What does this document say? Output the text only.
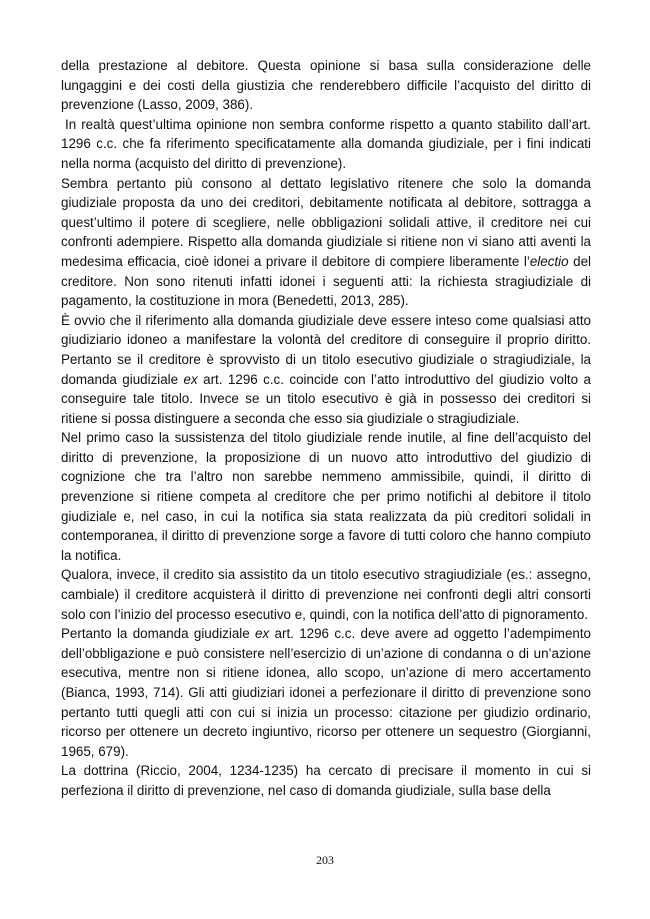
della prestazione al debitore. Questa opinione si basa sulla considerazione delle lungaggini e dei costi della giustizia che renderebbero difficile l’acquisto del diritto di prevenzione (Lasso, 2009, 386).

In realtà quest’ultima opinione non sembra conforme rispetto a quanto stabilito dall’art. 1296 c.c. che fa riferimento specificatamente alla domanda giudiziale, per i fini indicati nella norma (acquisto del diritto di prevenzione).

Sembra pertanto più consono al dettato legislativo ritenere che solo la domanda giudiziale proposta da uno dei creditori, debitamente notificata al debitore, sottragga a quest’ultimo il potere di scegliere, nelle obbligazioni solidali attive, il creditore nei cui confronti adempiere. Rispetto alla domanda giudiziale si ritiene non vi siano atti aventi la medesima efficacia, cioè idonei a privare il debitore di compiere liberamente l’electio del creditore. Non sono ritenuti infatti idonei i seguenti atti: la richiesta stragiudiziale di pagamento, la costituzione in mora (Benedetti, 2013, 285).

È ovvio che il riferimento alla domanda giudiziale deve essere inteso come qualsiasi atto giudiziario idoneo a manifestare la volontà del creditore di conseguire il proprio diritto. Pertanto se il creditore è sprovvisto di un titolo esecutivo giudiziale o stragiudiziale, la domanda giudiziale ex art. 1296 c.c. coincide con l’atto introduttivo del giudizio volto a conseguire tale titolo. Invece se un titolo esecutivo è già in possesso dei creditori si ritiene si possa distinguere a seconda che esso sia giudiziale o stragiudiziale.

Nel primo caso la sussistenza del titolo giudiziale rende inutile, al fine dell’acquisto del diritto di prevenzione, la proposizione di un nuovo atto introduttivo del giudizio di cognizione che tra l’altro non sarebbe nemmeno ammissibile, quindi, il diritto di prevenzione si ritiene competa al creditore che per primo notifichi al debitore il titolo giudiziale e, nel caso, in cui la notifica sia stata realizzata da più creditori solidali in contemporanea, il diritto di prevenzione sorge a favore di tutti coloro che hanno compiuto la notifica.

Qualora, invece, il credito sia assistito da un titolo esecutivo stragiudiziale (es.: assegno, cambiale) il creditore acquisterà il diritto di prevenzione nei confronti degli altri consorti solo con l’inizio del processo esecutivo e, quindi, con la notifica dell’atto di pignoramento.

Pertanto la domanda giudiziale ex art. 1296 c.c. deve avere ad oggetto l’adempimento dell’obbligazione e può consistere nell’esercizio di un’azione di condanna o di un’azione esecutiva, mentre non si ritiene idonea, allo scopo, un’azione di mero accertamento (Bianca, 1993, 714). Gli atti giudiziari idonei a perfezionare il diritto di prevenzione sono pertanto tutti quegli atti con cui si inizia un processo: citazione per giudizio ordinario, ricorso per ottenere un decreto ingiuntivo, ricorso per ottenere un sequestro (Giorgianni, 1965, 679).

La dottrina (Riccio, 2004, 1234-1235) ha cercato di precisare il momento in cui si perfeziona il diritto di prevenzione, nel caso di domanda giudiziale, sulla base della

203
